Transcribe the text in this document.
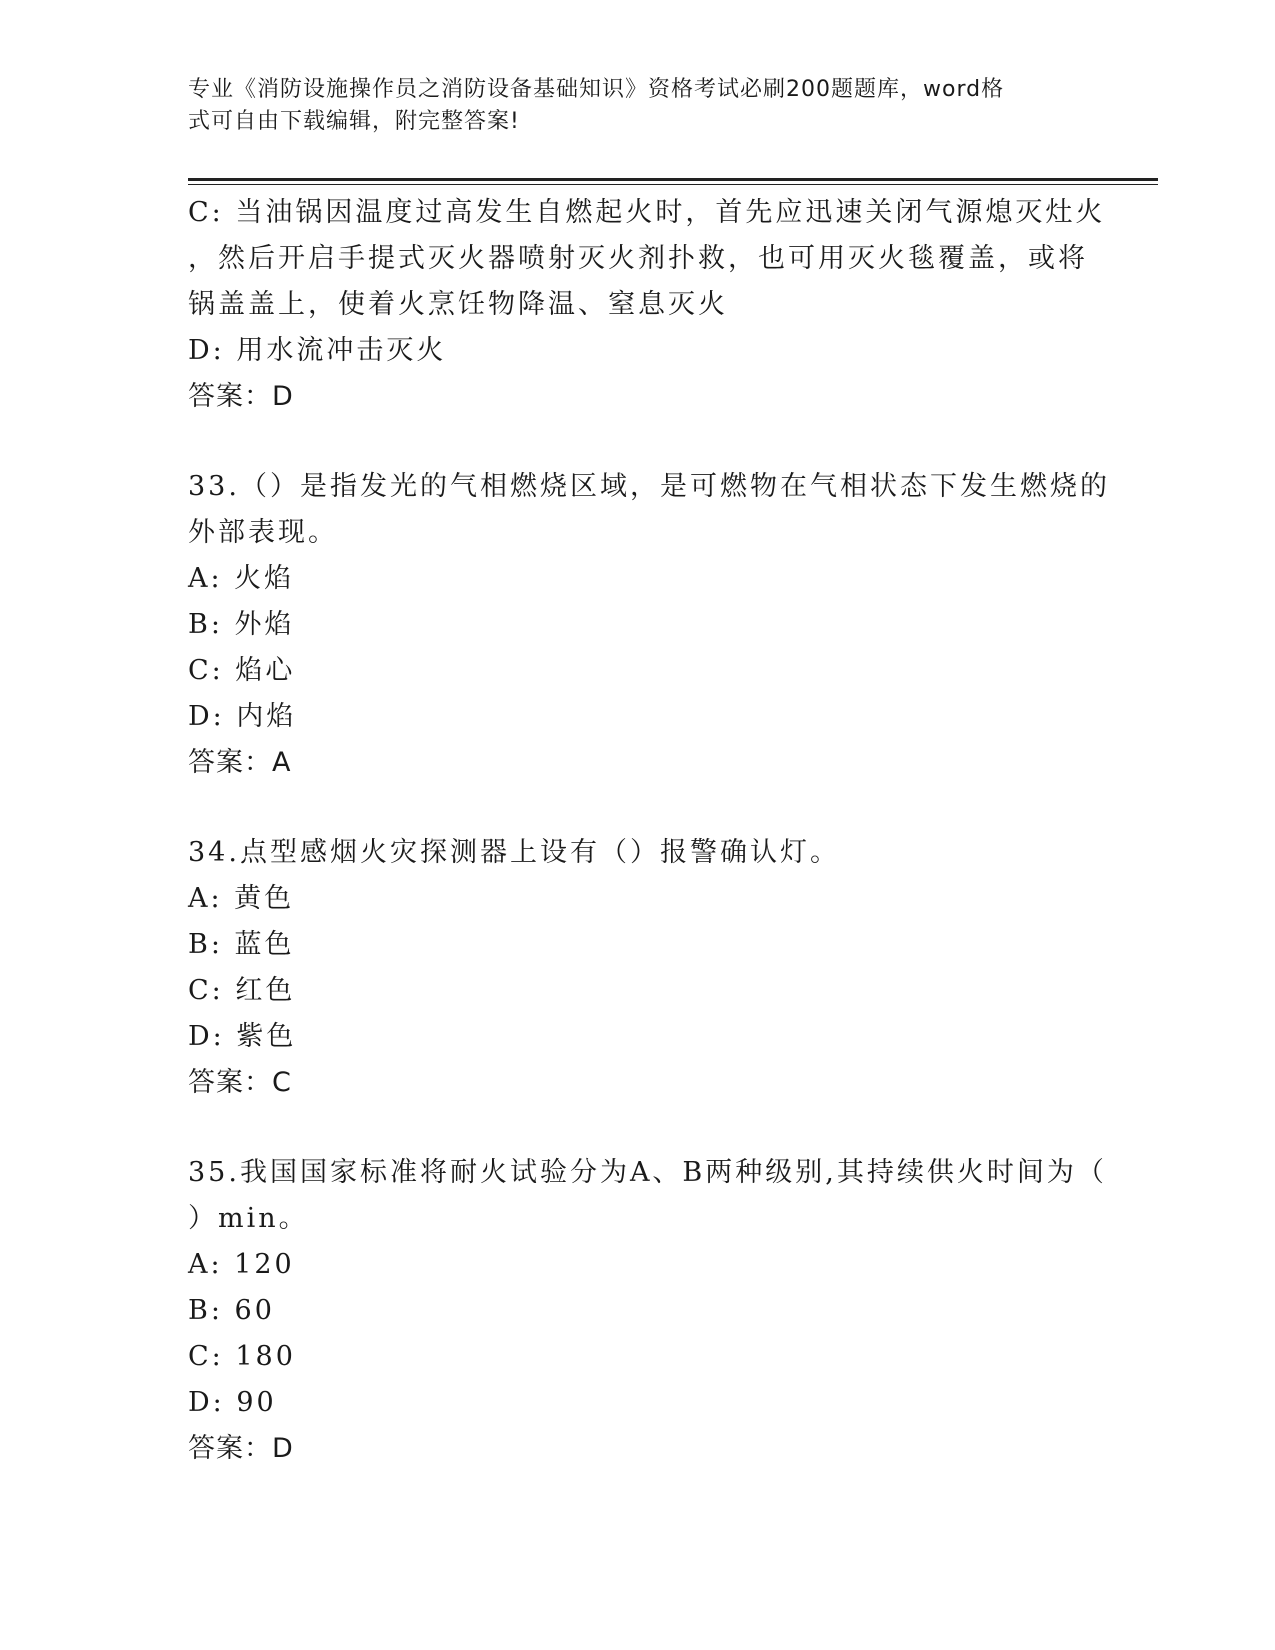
专业《消防设施操作员之消防设备基础知识》资格考试必刷200题题库，word格
式可自由下载编辑，附完整答案!
C: 当油锅因温度过高发生自燃起火时，首先应迅速关闭气源熄灭灶火
，然后开启手提式灭火器喷射灭火剂扑救，也可用灭火毯覆盖，或将
锅盖盖上，使着火烹饪物降温、窒息灭火
D: 用水流冲击灭火
答案：D
33.（）是指发光的气相燃烧区域，是可燃物在气相状态下发生燃烧的
外部表现。
A: 火焰
B: 外焰
C: 焰心
D: 内焰
答案：A
34.点型感烟火灾探测器上设有（）报警确认灯。
A: 黄色
B: 蓝色
C: 红色
D: 紫色
答案：C
35.我国国家标准将耐火试验分为A、B两种级别,其持续供火时间为（
）min。
A: 120
B: 60
C: 180
D: 90
答案：D
